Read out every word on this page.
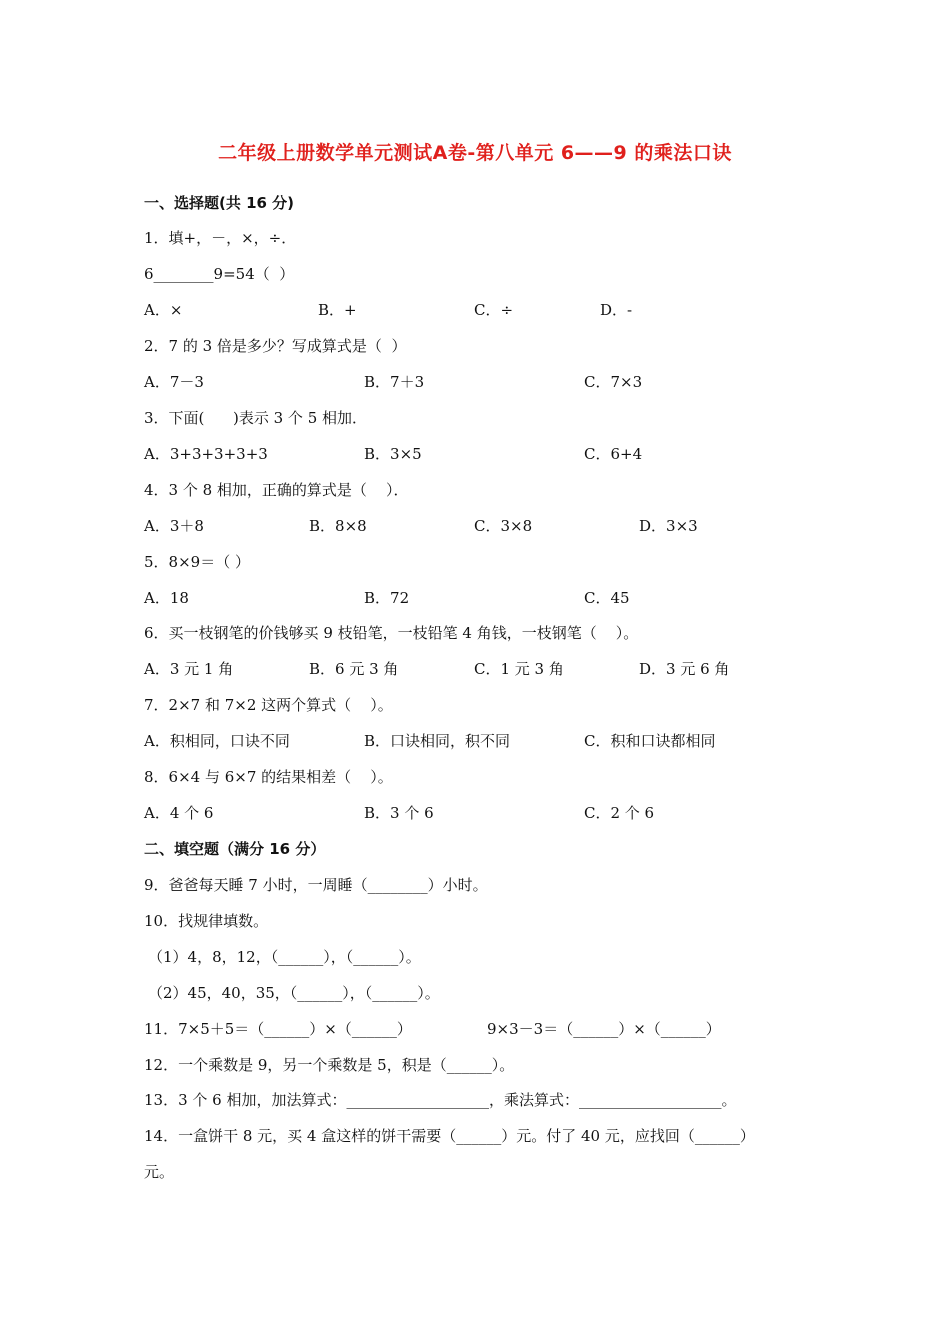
二年级上册数学单元测试A卷-第八单元 6——9 的乘法口诀
一、选择题(共 16 分)
1．填+，－，×，÷．
6________9=54（  ）
A．×	B．+	C．÷	D．-
2．7 的 3 倍是多少？写成算式是（  ）
A．7－3	B．7＋3	C．7×3
3．下面(      )表示 3 个 5 相加．
A．3+3+3+3+3	B．3×5	C．6+4
4．3 个 8 相加，正确的算式是（    ）．
A．3＋8	B．8×8	C．3×8	D．3×3
5．8×9＝（ ）
A．18	B．72	C．45
6．买一枝钢笔的价钱够买 9 枝铅笔，一枝铅笔 4 角钱，一枝钢笔（    ）。
A．3 元 1 角	B．6 元 3 角	C．1 元 3 角	D．3 元 6 角
7．2×7 和 7×2 这两个算式（    ）。
A．积相同，口诀不同	B．口诀相同，积不同	C．积和口诀都相同
8．6×4 与 6×7 的结果相差（    ）。
A．4 个 6	B．3 个 6	C．2 个 6
二、填空题（满分 16 分）
9．爸爸每天睡 7 小时，一周睡（________）小时。
10．找规律填数。
（1）4，8，12，（______），（______）。
（2）45，40，35，（______），（______）。
11．7×5＋5＝（______）×（______）	9×3－3＝（______）×（______）
12．一个乘数是 9，另一个乘数是 5，积是（______）。
13．3 个 6 相加，加法算式：___________________，乘法算式：___________________。
14．一盒饼干 8 元，买 4 盒这样的饼干需要（______）元。付了 40 元，应找回（______）
元。
